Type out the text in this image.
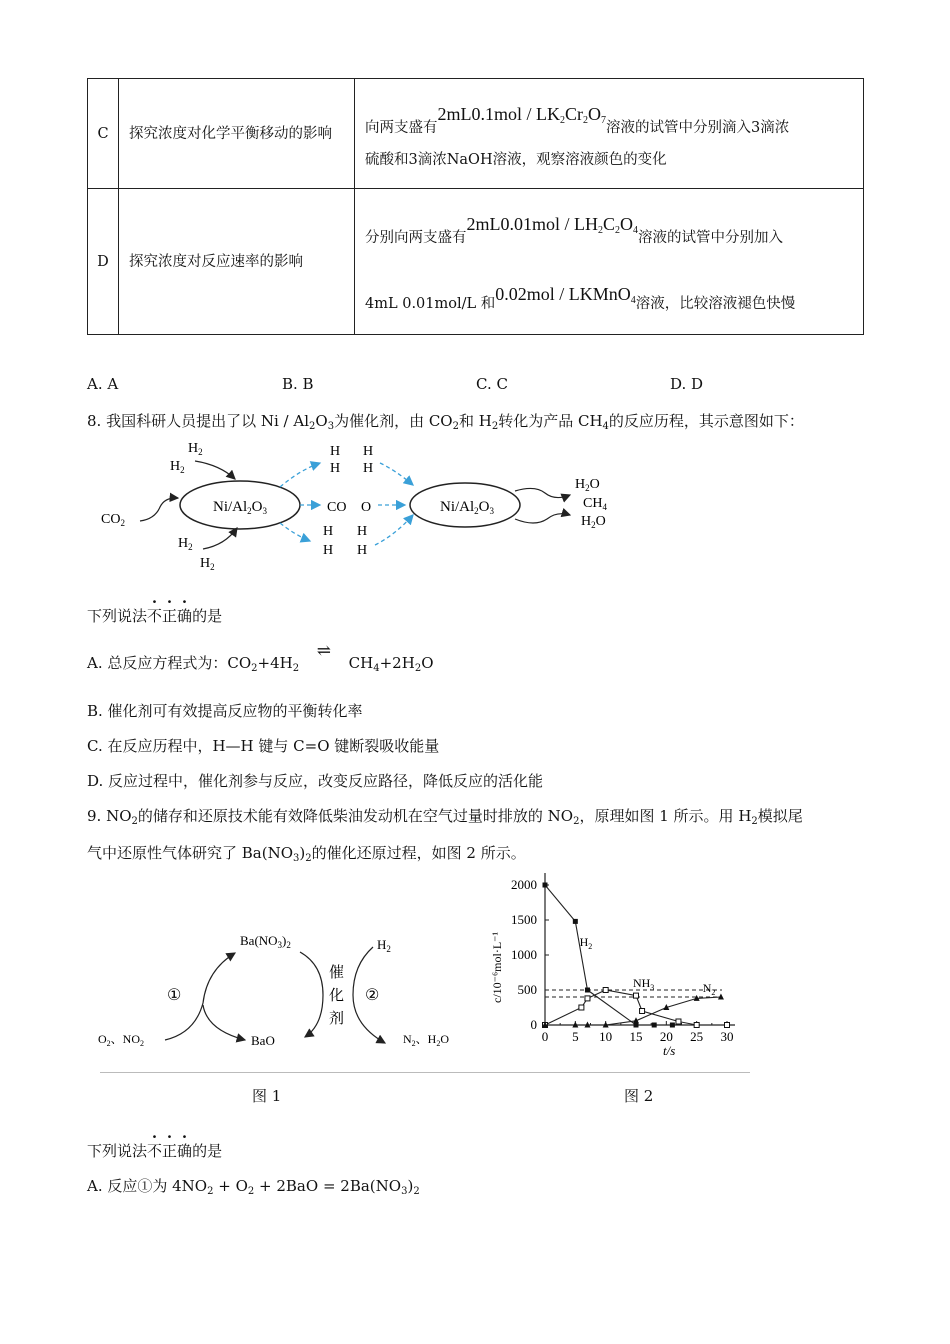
C	探究浓度对化学平衡移动的影响	向两支盛有$2mL0.1mol / LK_2Cr_2O_7$溶液的试管中分别滴入3滴浓
硫酸和3滴浓NaOH溶液，观察溶液颜色的变化

D	探究浓度对反应速率的影响	分别向两支盛有$2mL0.01mol / LH_2C_2O_4$溶液的试管中分别加入
4mL 0.01mol/L 和0.02mol / LKMnO$_4$溶液，比较溶液褪色快慢
A. A	B. B	C. C	D. D
8. 我国科研人员提出了以 Ni / $Al_2O_3$为催化剂，由 $CO_2$和 $H_2$转化为产品 $CH_4$的反应历程，其示意图如下：
$Ni/Al_2O_3$
$H_2$
$H_2$
$CO_2$
$H_2$
$H_2$
H H
H H
CO O
H H
H H
$Ni/Al_2O_3$
$H_2O$
$CH_4$
$H_2O$
下列说法不正确的是
A. 总反应方程式为：$CO_2+4H_2$ ⇌ $CH_4+2H_2O$
B. 催化剂可有效提高反应物的平衡转化率
C. 在反应历程中，H—H 键与 C=O 键断裂吸收能量
D. 反应过程中，催化剂参与反应，改变反应路径，降低反应的活化能
9. $NO_2$的储存和还原技术能有效降低柴油发动机在空气过量时排放的 $NO_2$，原理如图 1 所示。用 $H_2$模拟尾
气中还原性气体研究了 $Ba(NO_3)_2$的催化还原过程，如图 2 所示。
$Ba(NO_3)_2$
BaO
$O_2$、$NO_2$
$H_2$
$N_2$、$H_2O$
①	②
催
化
剂
0 5 10 15 20 25 30
0
500
1000
1500
2000
t/s
c/10⁻⁶mol·L⁻¹	$H_2$
$NH_3$	$N_2$
图 1	图 2
下列说法不正确的是
A. 反应①为 $4NO_2 + O_2 + 2BaO = 2Ba(NO_3)_2$
